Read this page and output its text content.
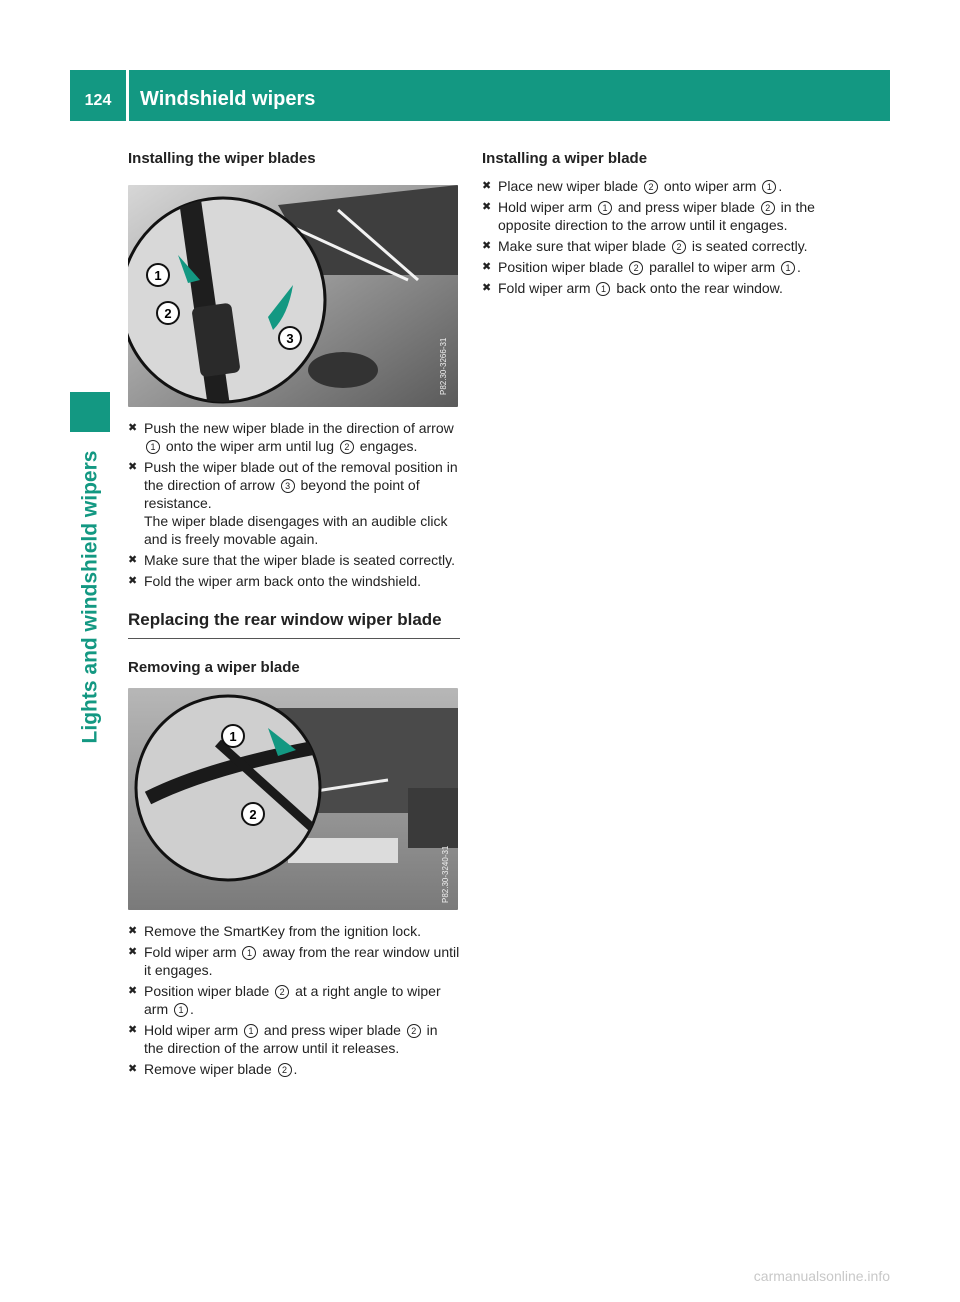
124	Windshield wipers
Lights and windshield wipers
Installing the wiper blades
1
2
3	P82.30-3266-31
✖ Push the new wiper blade in the direction of arrow 1 onto the wiper arm until lug 2 engages.
✖ Push the wiper blade out of the removal position in the direction of arrow 3 beyond the point of resistance.
The wiper blade disengages with an audible click and is freely movable again.
✖ Make sure that the wiper blade is seated correctly.
✖ Fold the wiper arm back onto the windshield.
Replacing the rear window wiper blade
Removing a wiper blade
1
2
P82.30-3240-31
✖ Remove the SmartKey from the ignition lock.
✖ Fold wiper arm 1 away from the rear window until it engages.
✖ Position wiper blade 2 at a right angle to wiper arm 1 .
✖ Hold wiper arm 1 and press wiper blade 2 in the direction of the arrow until it releases.
✖ Remove wiper blade 2 .
Installing a wiper blade
✖ Place new wiper blade 2 onto wiper arm 1 .
✖ Hold wiper arm 1 and press wiper blade 2 in the opposite direction to the arrow until it engages.
✖ Make sure that wiper blade 2 is seated correctly.
✖ Position wiper blade 2 parallel to wiper arm 1 .
✖ Fold wiper arm 1 back onto the rear window.
carmanualsonline.info
